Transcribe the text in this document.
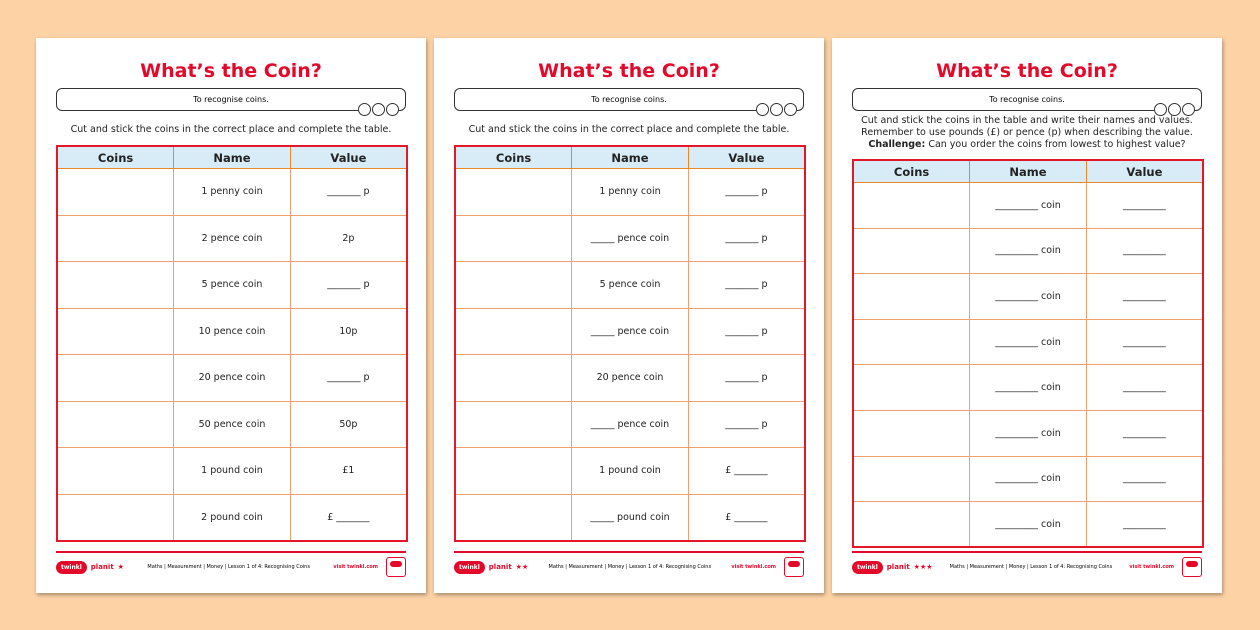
What’s the Coin?
To recognise coins.
Cut and stick the coins in the correct place and complete the table.
Coins	Name	Value
	1 penny coin	_______ p
	2 pence coin	2p
	5 pence coin	_______ p
	10 pence coin	10p
	20 pence coin	_______ p
	50 pence coin	50p
	1 pound coin	£1
	2 pound coin	£ _______
twinkl	planit ★	Maths | Measurement | Money | Lesson 1 of 4: Recognising Coins	visit twinkl.com
What’s the Coin?
To recognise coins.
Cut and stick the coins in the correct place and complete the table.
Coins	Name	Value
	1 penny coin	_______ p
	_____ pence coin	_______ p
	5 pence coin	_______ p
	_____ pence coin	_______ p
	20 pence coin	_______ p
	_____ pence coin	_______ p
	1 pound coin	£ _______
	_____ pound coin	£ _______
twinkl	planit ★★	Maths | Measurement | Money | Lesson 1 of 4: Recognising Coins	visit twinkl.com
What’s the Coin?
To recognise coins.
Cut and stick the coins in the table and write their names and values.
Remember to use pounds (£) or pence (p) when describing the value.
Challenge: Can you order the coins from lowest to highest value?
Coins	Name	Value
	_________ coin	_________
	_________ coin	_________
	_________ coin	_________
	_________ coin	_________
	_________ coin	_________
	_________ coin	_________
	_________ coin	_________
	_________ coin	_________
twinkl	planit ★★★	Maths | Measurement | Money | Lesson 1 of 4: Recognising Coins	visit twinkl.com
